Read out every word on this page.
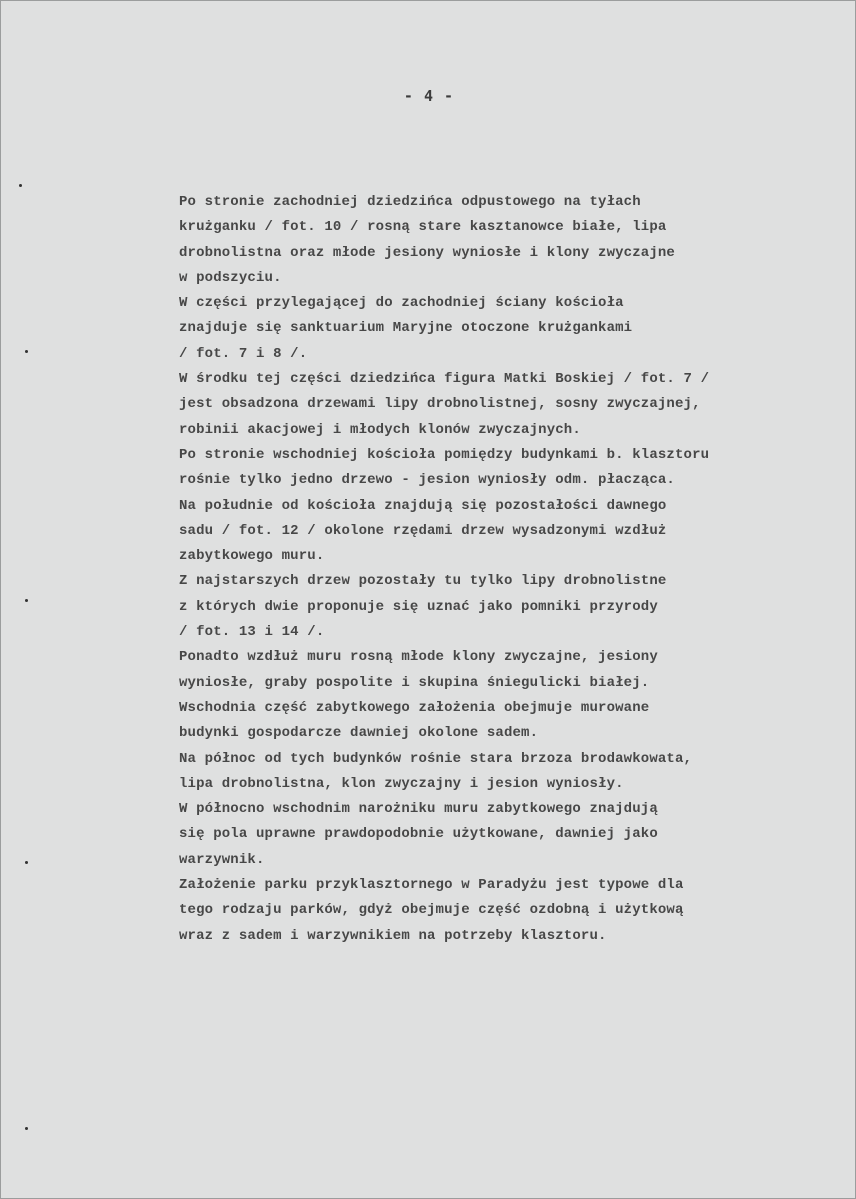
- 4 -
Po stronie zachodniej dziedzińca odpustowego na tyłach
krużganku / fot. 10 / rosną stare kasztanowce białe, lipa
drobnolistna oraz młode jesiony wyniosłe i klony zwyczajne
w podszyciu.
W części przylegającej do zachodniej ściany kościoła
znajduje się sanktuarium Maryjne otoczone krużgankami
/ fot. 7 i 8 /.
W środku tej części dziedzińca figura Matki Boskiej / fot. 7 /
jest obsadzona drzewami lipy drobnolistnej, sosny zwyczajnej,
robinii akacjowej i młodych klonów zwyczajnych.
Po stronie wschodniej kościoła pomiędzy budynkami b. klasztoru
rośnie tylko jedno drzewo - jesion wyniosły odm. płacząca.
Na południe od kościoła znajdują się pozostałości dawnego
sadu / fot. 12 / okolone rzędami drzew wysadzonymi wzdłuż
zabytkowego muru.
Z najstarszych drzew pozostały tu tylko lipy drobnolistne
z których dwie proponuje się uznać jako pomniki przyrody
/ fot. 13 i 14 /.
Ponadto wzdłuż muru rosną młode klony zwyczajne, jesiony
wyniosłe, graby pospolite i skupina śniegulicki białej.
Wschodnia część zabytkowego założenia obejmuje murowane
budynki gospodarcze dawniej okolone sadem.
Na północ od tych budynków rośnie stara brzoza brodawkowata,
lipa drobnolistna, klon zwyczajny i jesion wyniosły.
W północno wschodnim narożniku muru zabytkowego znajdują
się pola uprawne prawdopodobnie użytkowane, dawniej jako
warzywnik.
Założenie parku przyklasztornego w Paradyżu jest typowe dla
tego rodzaju parków, gdyż obejmuje część ozdobną i użytkową
wraz z sadem i warzywnikiem na potrzeby klasztoru.
